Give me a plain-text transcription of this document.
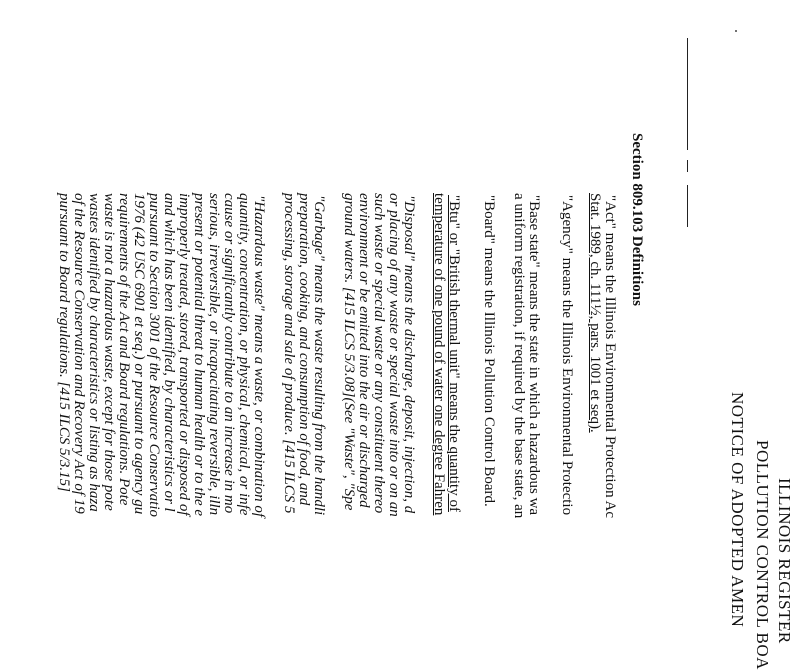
ILLINOIS REGISTER
POLLUTION CONTROL BOA
NOTICE OF ADOPTED AMEN
Section 809.103 Definitions
"Act" means the Illinois Environmental Protection Ac
Stat. 1989, ch. 111½, pars. 1001 et seq).
"Agency" means the Illinois Environmental Protectio
"Base state" means the state in which a hazardous wa
a uniform registration, if required by the base state, an
"Board" means the Illinois Pollution Control Board.
"Btu" or "British thermal unit" means the quantity of
temperature of one pound of water one degree Fahren
"Disposal" means the discharge, deposit, injection, d
or placing of any waste or special waste into or on an
such waste or special waste or any constituent thereo
environment or be emitted into the air or discharged
ground waters. [415 ILCS 5/3.08](See "Waste", "Spe
"Garbage" means the waste resulting from the handli
preparation, cooking, and consumption of food, and
processing, storage and sale of produce. [415 ILCS 5
"Hazardous waste" means a waste, or combination of
quantity, concentration, or physical, chemical, or infe
cause or significantly contribute to an increase in mo
serious, irreversible, or incapacitating reversible, illn
present or potential threat to human health or to the e
improperly treated, stored, transported or disposed of
and which has been identified, by characteristics or l
pursuant to Section 3001 of the Resource Conservatio
1976 (42 USC 6901 et seq.) or pursuant to agency gu
requirements of the Act and Board regulations. Pote
waste is not a hazardous waste, except for those pote
wastes identified by characteristics or listing as haza
of the Resource Conservation and Recovery Act of 19
pursuant to Board regulations. [415 ILCS 5/3.15]
